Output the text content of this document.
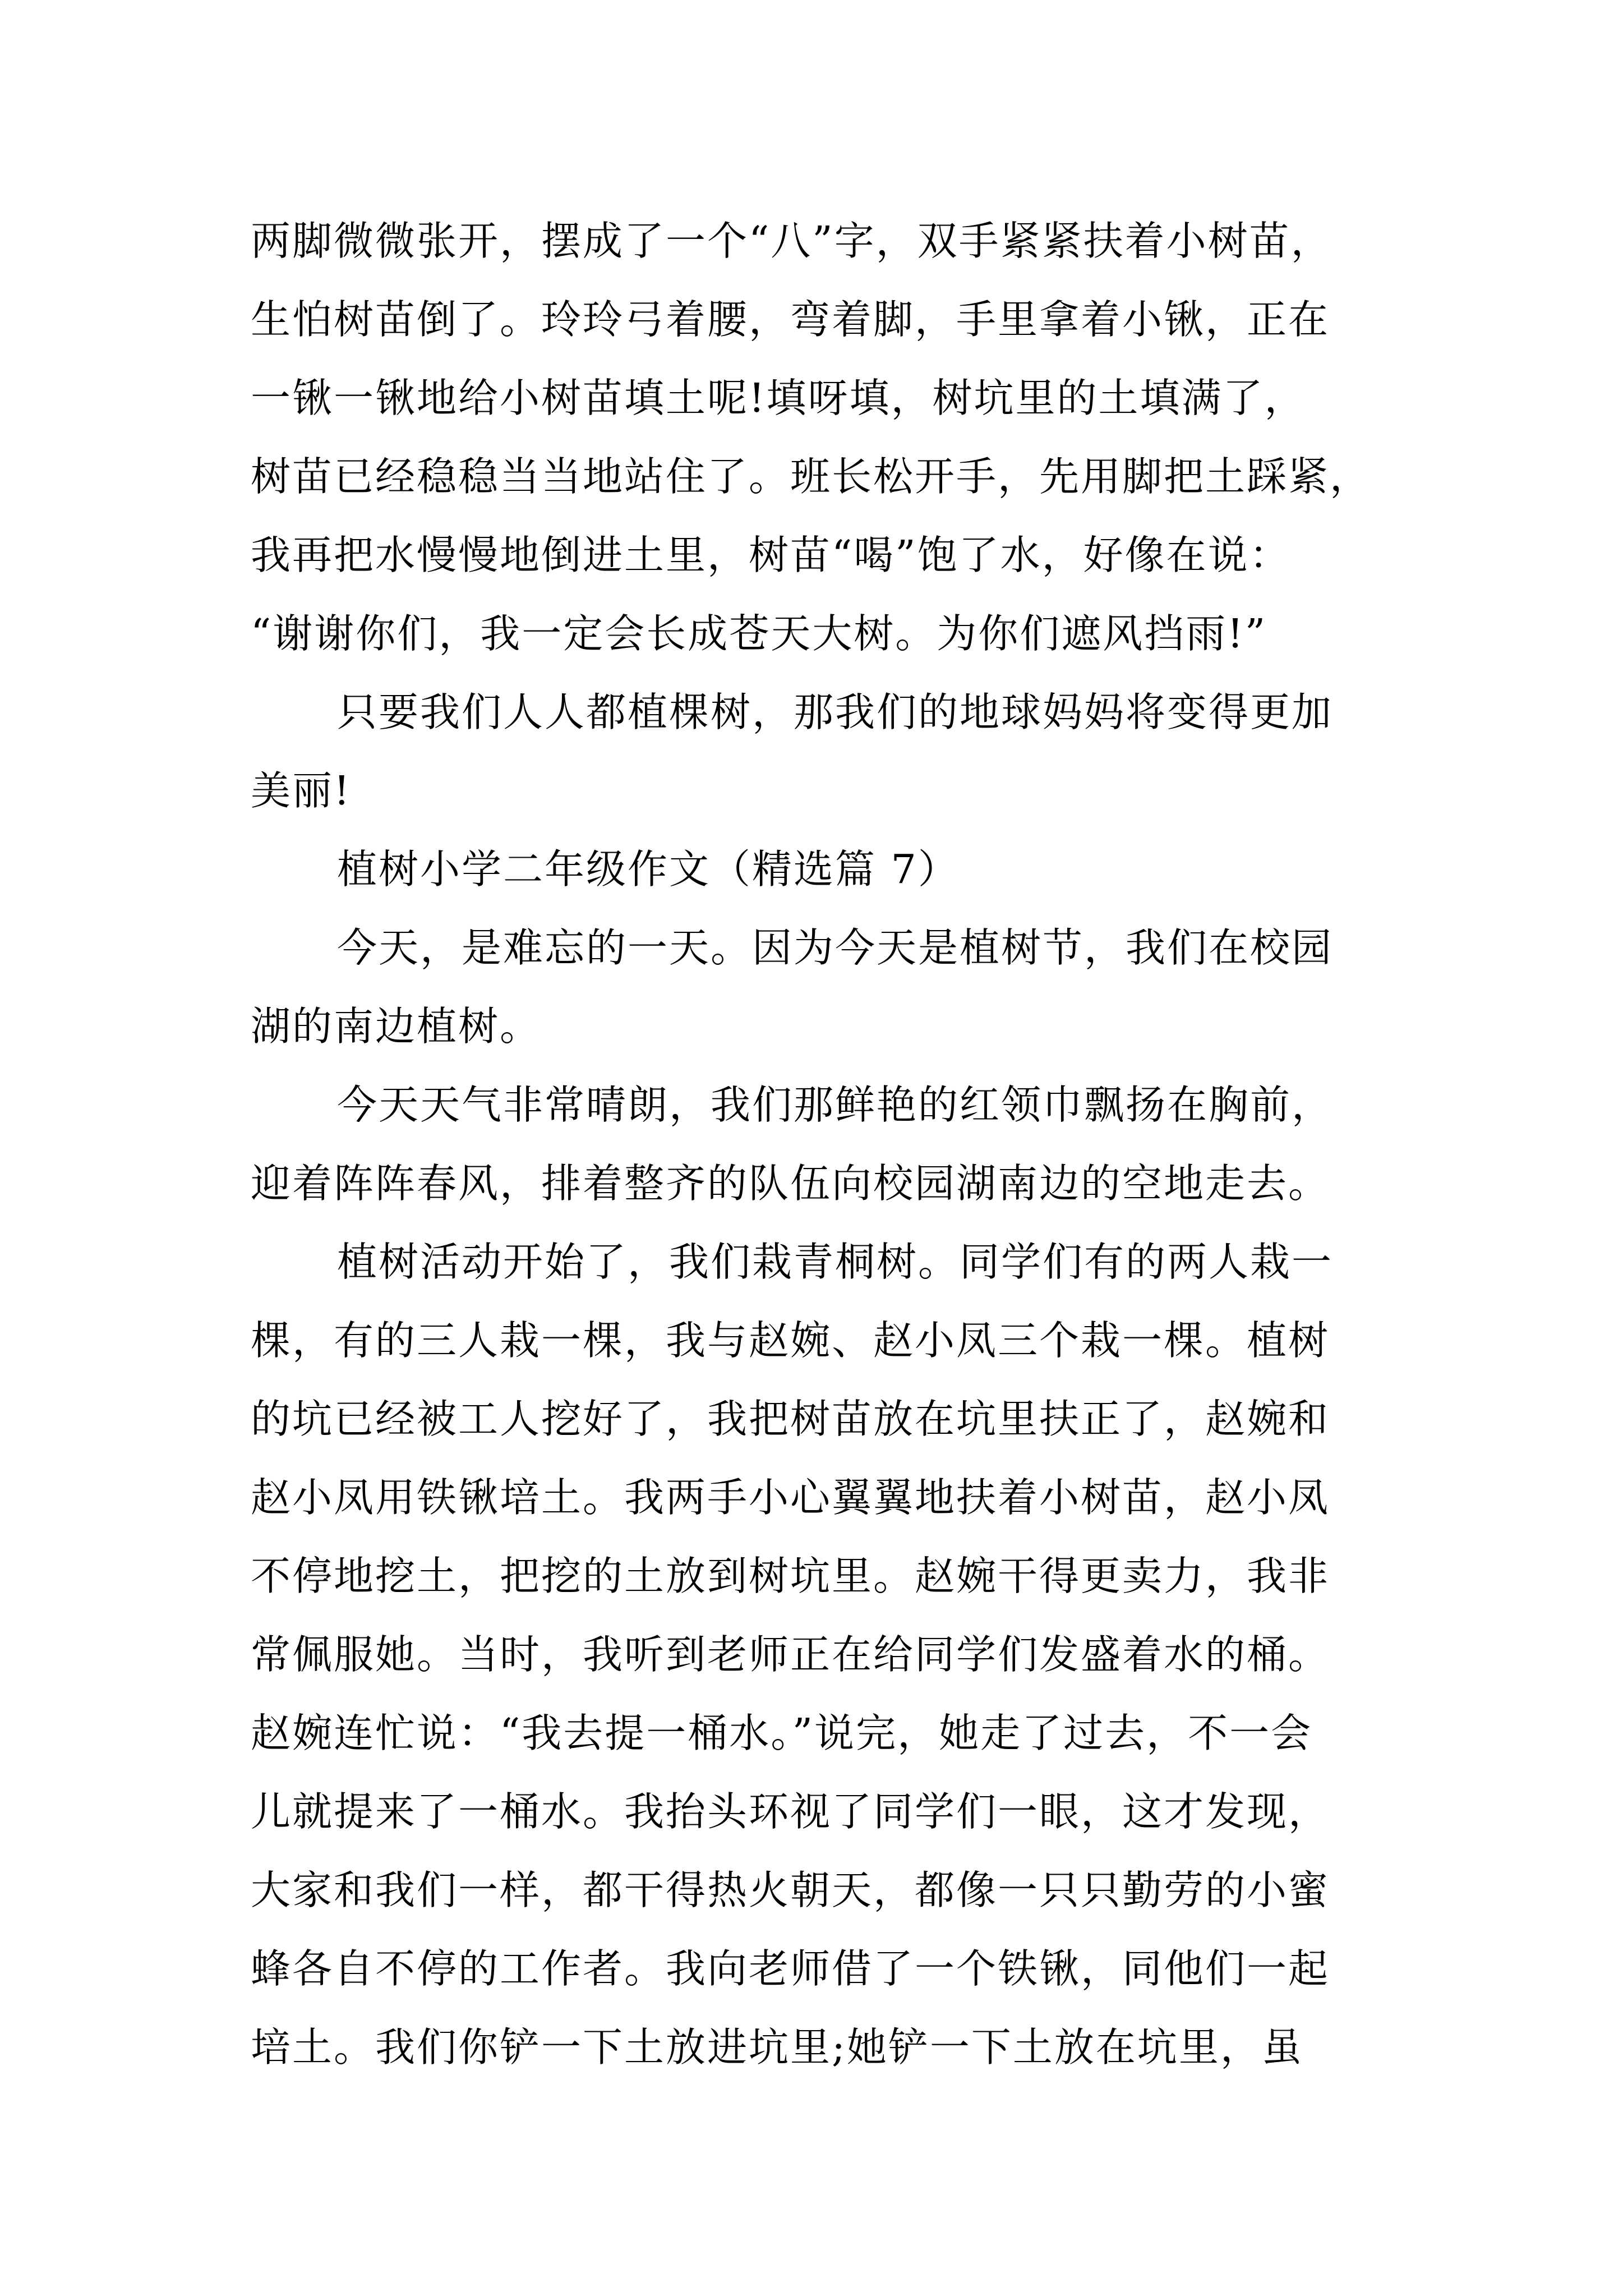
两脚微微张开，摆成了一个“八”字，双手紧紧扶着小树苗，
生怕树苗倒了。玲玲弓着腰，弯着脚，手里拿着小锹，正在
一锹一锹地给小树苗填土呢!填呀填，树坑里的土填满了，
树苗已经稳稳当当地站住了。班长松开手，先用脚把土踩紧，
我再把水慢慢地倒进土里，树苗“喝”饱了水，好像在说：
“谢谢你们，我一定会长成苍天大树。为你们遮风挡雨!”
只要我们人人都植棵树，那我们的地球妈妈将变得更加
美丽!
植树小学二年级作文（精选篇 7）
今天，是难忘的一天。因为今天是植树节，我们在校园
湖的南边植树。
今天天气非常晴朗，我们那鲜艳的红领巾飘扬在胸前，
迎着阵阵春风，排着整齐的队伍向校园湖南边的空地走去。
植树活动开始了，我们栽青桐树。同学们有的两人栽一
棵，有的三人栽一棵，我与赵婉、赵小凤三个栽一棵。植树
的坑已经被工人挖好了，我把树苗放在坑里扶正了，赵婉和
赵小凤用铁锹培土。我两手小心翼翼地扶着小树苗，赵小凤
不停地挖土，把挖的土放到树坑里。赵婉干得更卖力，我非
常佩服她。当时，我听到老师正在给同学们发盛着水的桶。
赵婉连忙说：“我去提一桶水。”说完，她走了过去，不一会
儿就提来了一桶水。我抬头环视了同学们一眼，这才发现，
大家和我们一样，都干得热火朝天，都像一只只勤劳的小蜜
蜂各自不停的工作者。我向老师借了一个铁锹，同他们一起
培土。我们你铲一下土放进坑里;她铲一下土放在坑里，虽
